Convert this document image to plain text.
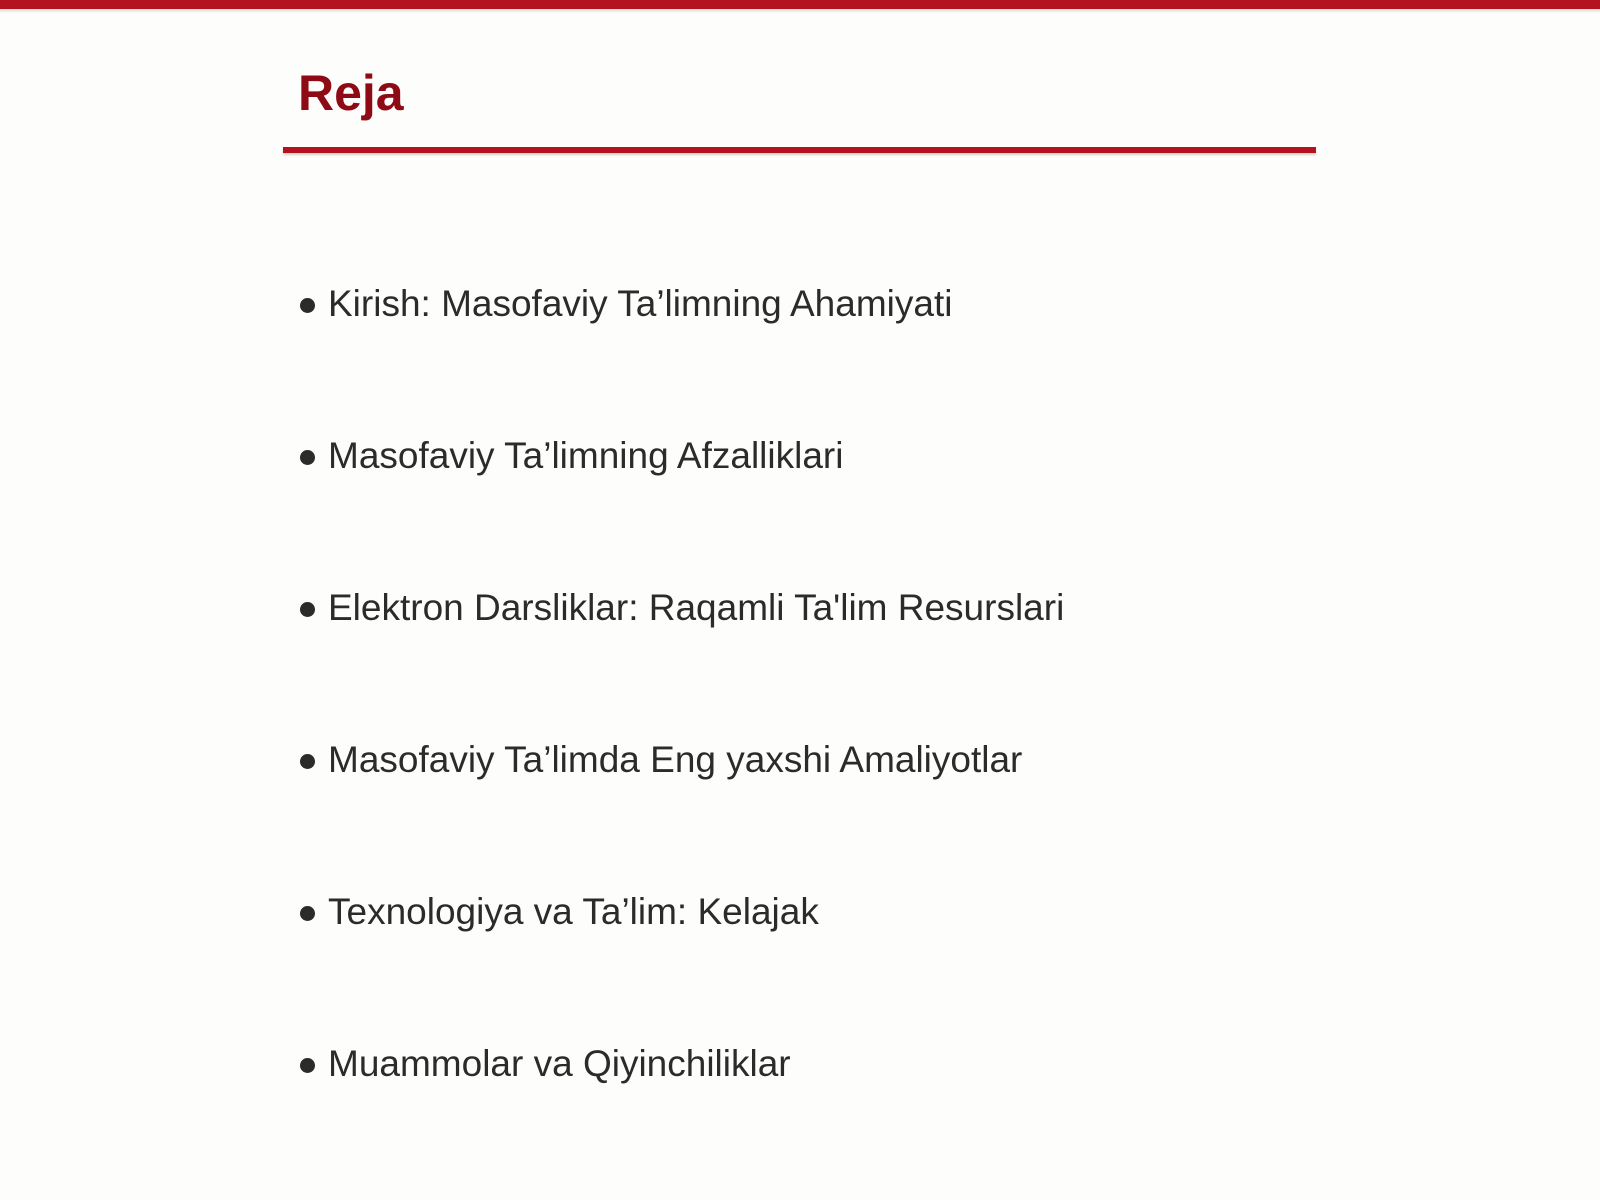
Reja
Kirish: Masofaviy Ta’limning Ahamiyati
Masofaviy Ta’limning Afzalliklari
Elektron Darsliklar: Raqamli Ta'lim Resurslari
Masofaviy Ta’limda Eng yaxshi Amaliyotlar
Texnologiya va Ta’lim: Kelajak
Muammolar va Qiyinchiliklar
